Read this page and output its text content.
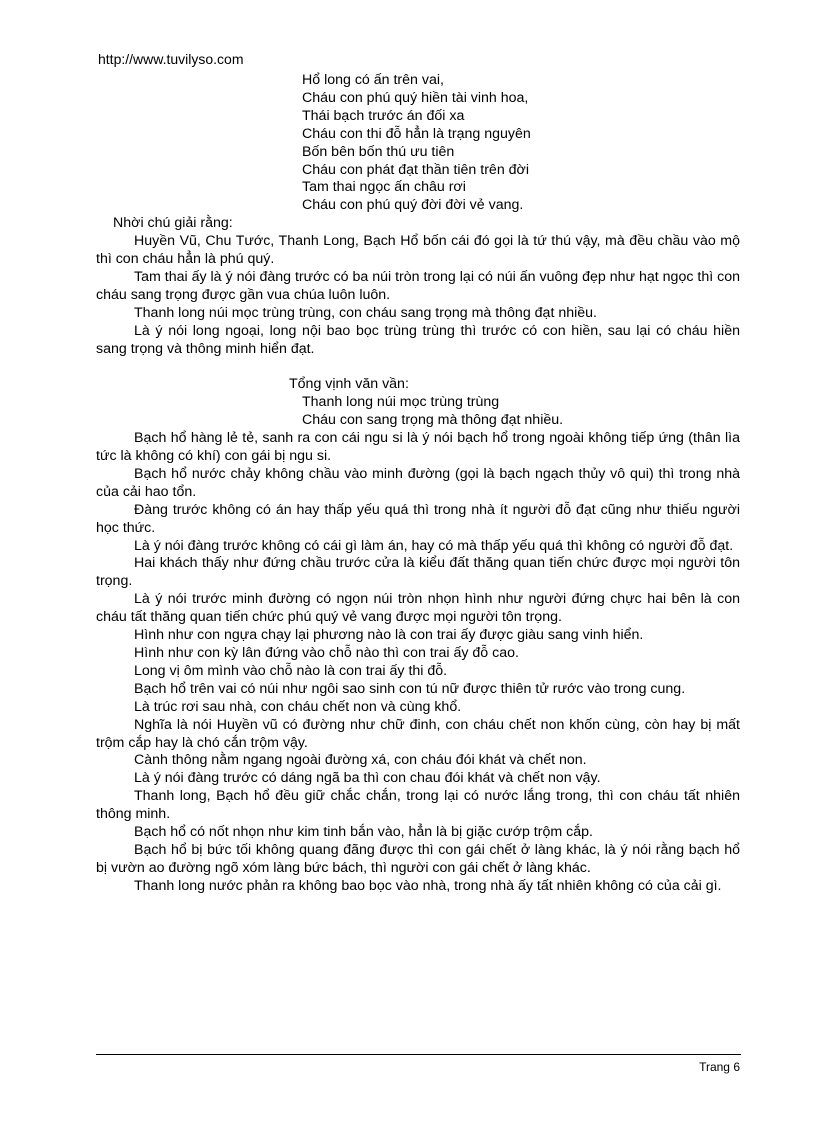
http://www.tuvilyso.com
Hổ long có ấn trên vai,
Cháu con phú quý hiền tài vinh hoa,
Thái bạch trước án đối xa
Cháu con thi đỗ hẳn là trạng nguyên
Bốn bên bốn thú ưu tiên
Cháu con phát đạt thần tiên trên đời
Tam thai ngọc ấn châu rơi
Cháu con phú quý đời đời vẻ vang.
Nhời chú giải rằng:
Huyền Vũ, Chu Tước, Thanh Long, Bạch Hổ bốn cái đó gọi là tứ thú vậy, mà đều chầu vào mộ thì con cháu hẳn là phú quý.
Tam thai ấy là ý nói đàng trước có ba núi tròn trong lại có núi ấn vuông đẹp như hạt ngọc thì con cháu sang trọng được gần vua chúa luôn luôn.
Thanh long núi mọc trùng trùng, con cháu sang trọng mà thông đạt nhiều.
Là ý nói long ngoại, long nội bao bọc trùng trùng thì trước có con hiền, sau lại có cháu hiền sang trọng và thông minh hiển đạt.
Tổng vịnh văn vần:
Thanh long núi mọc trùng trùng
Cháu con sang trọng mà thông đạt nhiều.
Bạch hổ hàng lẻ tẻ, sanh ra con cái ngu si là ý nói bạch hổ trong ngoài không tiếp ứng (thân lìa tức là không có khí) con gái bị ngu si.
Bạch hổ nước chảy không chầu vào minh đường (gọi là bạch ngạch thủy vô qui) thì trong nhà của cải hao tổn.
Đàng trước không có án hay thấp yếu quá thì trong nhà ít người đỗ đạt cũng như thiếu người học thức.
Là ý nói đàng trước không có cái gì làm án, hay có mà thấp yếu quá thì không có người đỗ đạt.
Hai khách thấy như đứng chầu trước cửa là kiểu đất thăng quan tiến chức được mọi người tôn trọng.
Là ý nói trước minh đường có ngọn núi tròn nhọn hình như người đứng chực hai bên là con cháu tất thăng quan tiến chức phú quý vẻ vang được mọi người tôn trọng.
Hình như con ngựa chạy lại phương nào là con trai ấy được giàu sang vinh hiển.
Hình như con kỳ lân đứng vào chỗ nào thì con trai ấy đỗ cao.
Long vị ôm mình vào chỗ nào là con trai ấy thi đỗ.
Bạch hổ trên vai có núi như ngôi sao sinh con tú nữ được thiên tử rước vào trong cung.
Là trúc rơi sau nhà, con cháu chết non và cùng khổ.
Nghĩa là nói Huyền vũ có đường như chữ đinh, con cháu chết non khốn cùng, còn hay bị mất trộm cắp hay là chó cắn trộm vậy.
Cành thông nằm ngang ngoài đường xá, con cháu đói khát và chết non.
Là ý nói đàng trước có dáng ngã ba thì con chau đói khát và chết non vậy.
Thanh long, Bạch hổ đều giữ chắc chắn, trong lại có nước lắng trong, thì con cháu tất nhiên thông minh.
Bạch hổ có nốt nhọn như kim tinh bắn vào, hẳn là bị giặc cướp trộm cắp.
Bạch hổ bị bức tối không quang đãng được thì con gái chết ở làng khác, là ý nói rằng bạch hổ bị vườn ao đường ngõ xóm làng bức bách, thì người con gái chết ở làng khác.
Thanh long nước phản ra không bao bọc vào nhà, trong nhà ấy tất nhiên không có của cải gì.
Trang 6
